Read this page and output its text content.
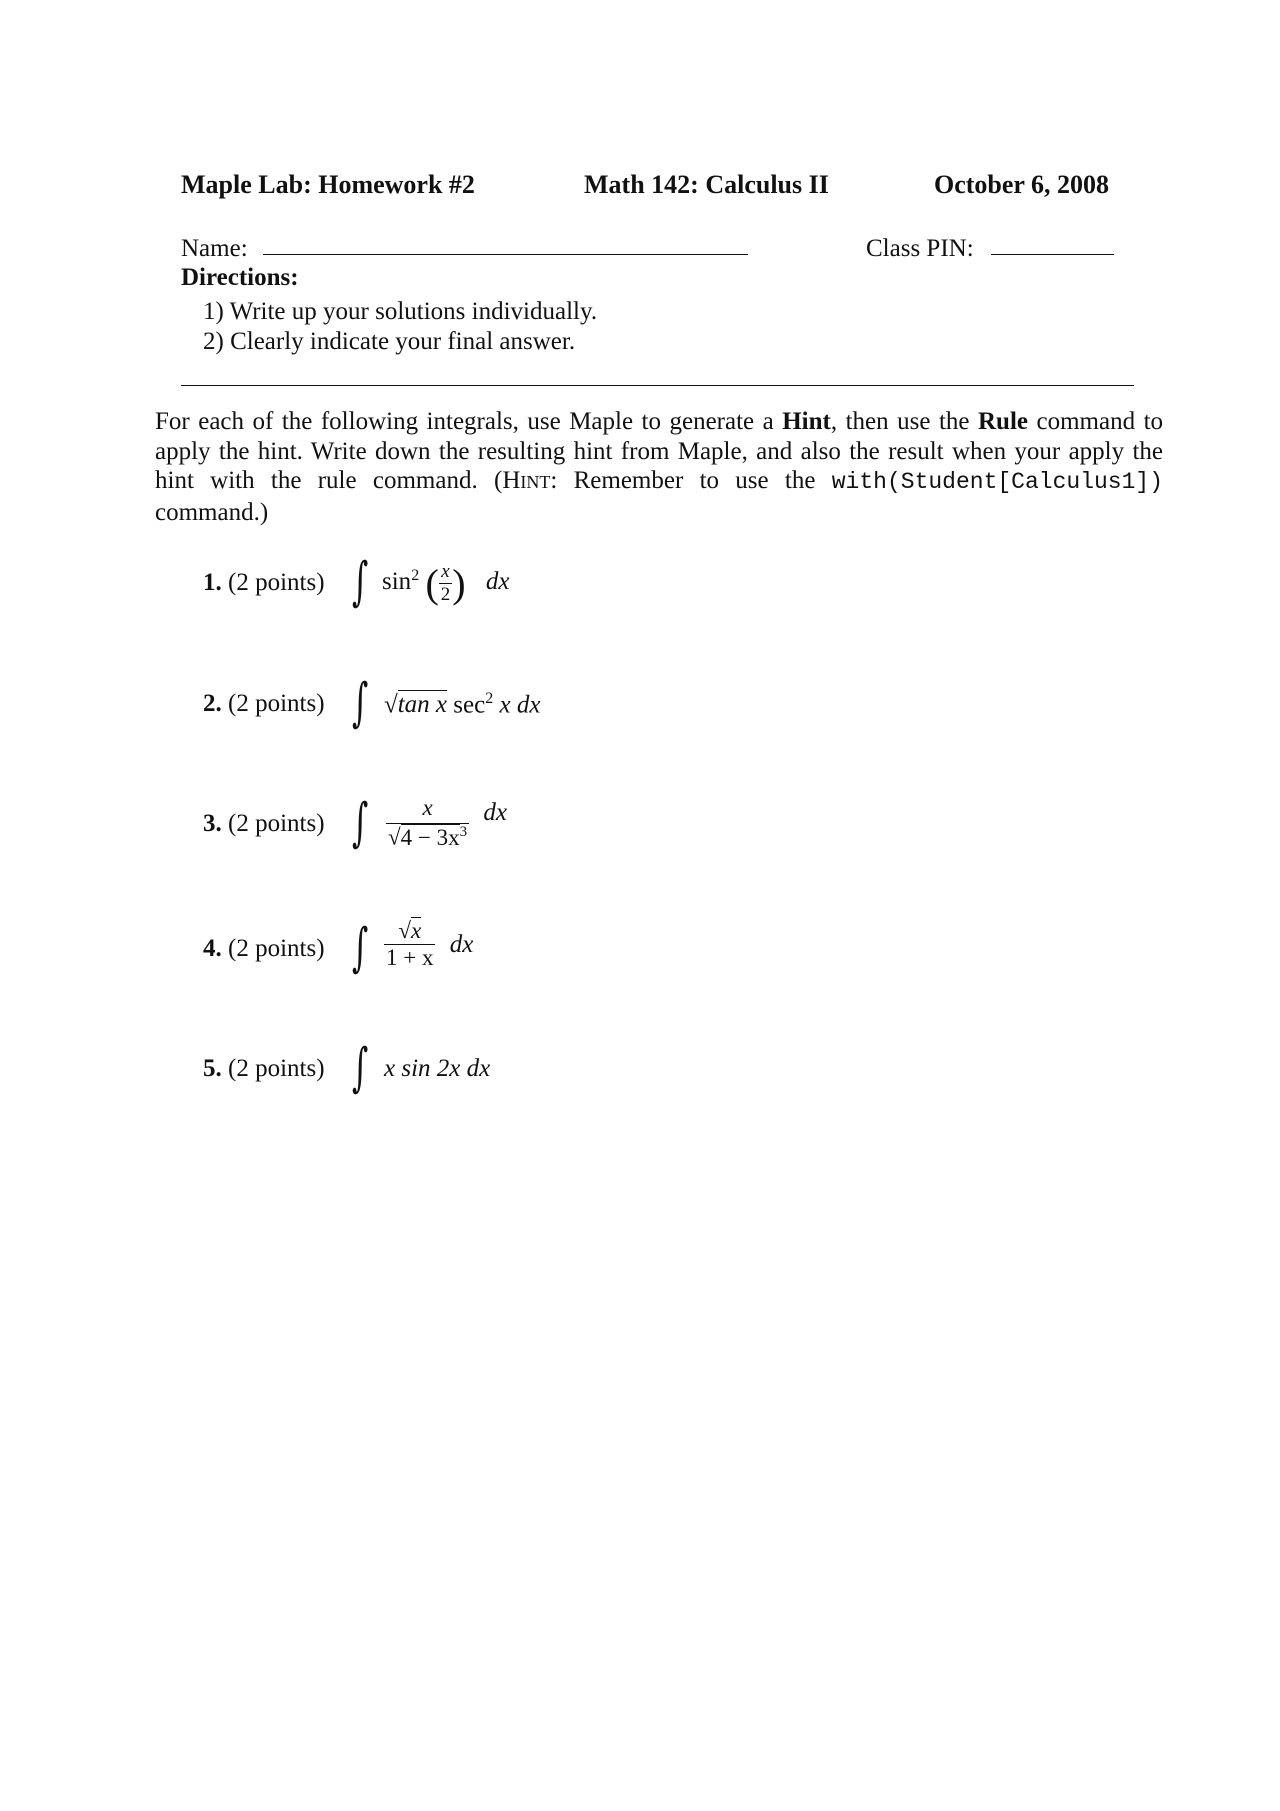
Maple Lab: Homework #2	Math 142: Calculus II	October 6, 2008
Name:	Class PIN:
Directions:
1) Write up your solutions individually.
2) Clearly indicate your final answer.
For each of the following integrals, use Maple to generate a Hint, then use the Rule command to apply the hint. Write down the resulting hint from Maple, and also the result when your apply the hint with the rule command. (Hint: Remember to use the with(Student[Calculus1]) command.)
1. (2 points) ∫ $\sin^2$ ( $\frac{x}{2}$ ) dx
2. (2 points) ∫ √tan x $\sec^2 x$ dx
3. (2 points) ∫ $\frac{x}{√4 - 3x^3}$ dx
4. (2 points) ∫ $\frac{√x}{1 + x}$ dx
5. (2 points) ∫ x sin 2x dx
